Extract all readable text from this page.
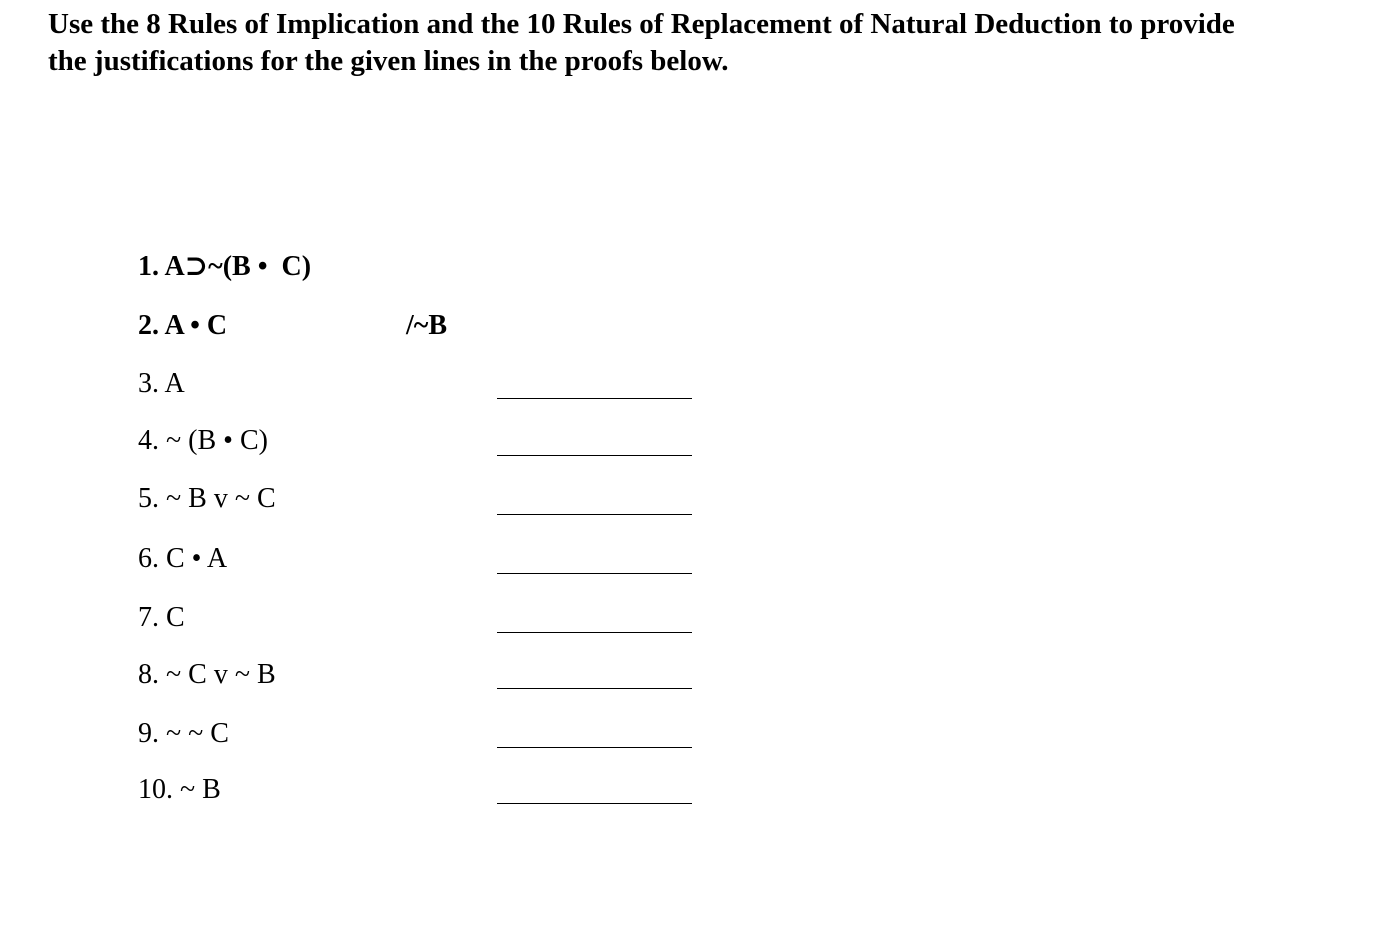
Use the 8 Rules of Implication and the 10 Rules of Replacement of Natural Deduction to provide
the justifications for the given lines in the proofs below.
1. A⊃~(B •  C)
2. A • C	/~B
3. A
4. ~ (B • C)
5. ~ B v ~ C
6. C • A
7. C
8. ~ C v ~ B
9. ~ ~ C
10. ~ B
